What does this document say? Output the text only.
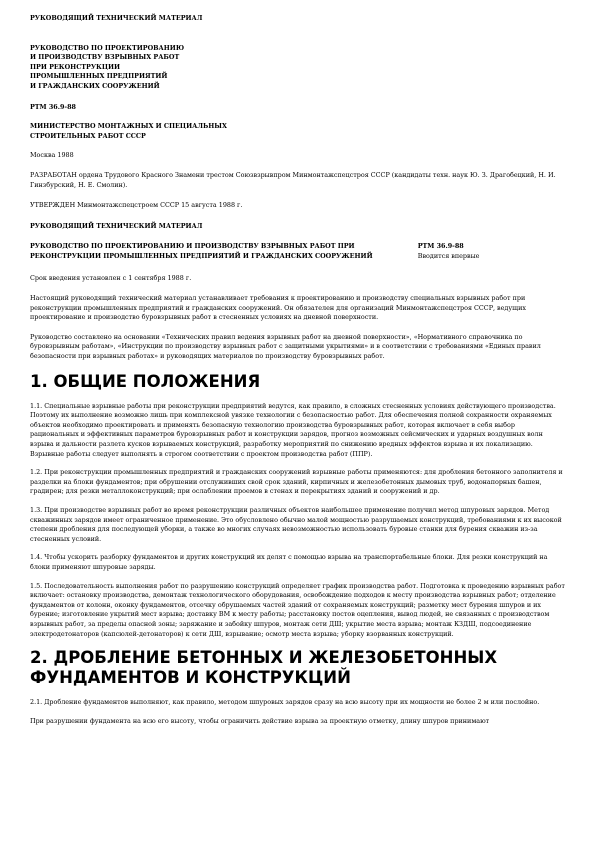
РУКОВОДЯЩИЙ ТЕХНИЧЕСКИЙ МАТЕРИАЛ
РУКОВОДСТВО ПО ПРОЕКТИРОВАНИЮ
И ПРОИЗВОДСТВУ ВЗРЫВНЫХ РАБОТ
ПРИ РЕКОНСТРУКЦИИ
ПРОМЫШЛЕННЫХ ПРЕДПРИЯТИЙ
И ГРАЖДАНСКИХ СООРУЖЕНИЙ
РТМ 36.9-88
МИНИСТЕРСТВО МОНТАЖНЫХ И СПЕЦИАЛЬНЫХ
СТРОИТЕЛЬНЫХ РАБОТ СССР
Москва 1988
РАЗРАБОТАН ордена Трудового Красного Знамени трестом Союзвзрывпром Минмонтажспецстроя СССР (кандидаты техн. наук Ю. З. Драгобецкий, Н. И. Гинзбурский, Н. Е. Смолин).
УТВЕРЖДЕН Минмонтажспецстроем СССР 15 августа 1988 г.
РУКОВОДЯЩИЙ ТЕХНИЧЕСКИЙ МАТЕРИАЛ
РУКОВОДСТВО ПО ПРОЕКТИРОВАНИЮ И ПРОИЗВОДСТВУ ВЗРЫВНЫХ РАБОТ ПРИ РЕКОНСТРУКЦИИ ПРОМЫШЛЕННЫХ ПРЕДПРИЯТИЙ И ГРАЖДАНСКИХ СООРУЖЕНИЙ
РТМ 36.9-88
Вводится впервые
Срок введения установлен с 1 сентября 1988 г.
Настоящий руководящий технический материал устанавливает требования к проектированию и производству специальных взрывных работ при реконструкции промышленных предприятий и гражданских сооружений. Он обязателен для организаций Минмонтажспецстроя СССР, ведущих проектирование и производство буровзрывных работ в стесненных условиях на дневной поверхности.
Руководство составлено на основании «Технических правил ведения взрывных работ на дневной поверхности», «Нормативного справочника по буровзрывным работам», «Инструкции по производству взрывных работ с защитными укрытиями» и в соответствии с требованиями «Единых правил безопасности при взрывных работах» и руководящих материалов по производству буровзрывных работ.
1. ОБЩИЕ ПОЛОЖЕНИЯ
1.1. Специальные взрывные работы при реконструкции предприятий ведутся, как правило, в сложных стесненных условиях действующего производства. Поэтому их выполнение возможно лишь при комплексной увязке технологии с безопасностью работ. Для обеспечения полной сохранности охраняемых объектов необходимо проектировать и применять безопасную технологию производства буровзрывных работ, которая включает в себя выбор рациональных и эффективных параметров буровзрывных работ и конструкции зарядов, прогноз возможных сейсмических и ударных воздушных волн взрыва и дальности разлета кусков взрываемых конструкций, разработку мероприятий по снижению вредных эффектов взрыва и их локализацию. Взрывные работы следует выполнять в строгом соответствии с проектом производства работ (ППР).
1.2. При реконструкции промышленных предприятий и гражданских сооружений взрывные работы применяются: для дробления бетонного заполнителя и разделки на блоки фундаментов; при обрушении отслуживших свой срок зданий, кирпичных и железобетонных дымовых труб, водонапорных башен, градирен; для резки металлоконструкций; при ослаблении проемов в стенах и перекрытиях зданий и сооружений и др.
1.3. При производстве взрывных работ во время реконструкции различных объектов наибольшее применение получил метод шпуровых зарядов. Метод скважинных зарядов имеет ограниченное применение. Это обусловлено обычно малой мощностью разрушаемых конструкций, требованиями к их высокой степени дробления для последующей уборки, а также во многих случаях невозможностью использовать буровые станки для бурения скважин из-за стесненных условий.
1.4. Чтобы ускорить разборку фундаментов и других конструкций их делят с помощью взрыва на транспортабельные блоки. Для резки конструкций на блоки применяют шпуровые заряды.
1.5. Последовательность выполнения работ по разрушению конструкций определяет график производства работ. Подготовка к проведению взрывных работ включает: остановку производства, демонтаж технологического оборудования, освобождение подходов к месту производства взрывных работ; отделение фундаментов от колонн, оконку фундаментов, отсечку обрушаемых частей зданий от сохраняемых конструкций; разметку мест бурения шпуров и их бурение; изготовление укрытий мест взрыва; доставку ВМ к месту работы; расстановку постов оцепления, вывод людей, не связанных с производством взрывных работ, за пределы опасной зоны; заряжание и забойку шпуров, монтаж сети ДШ; укрытие места взрыва; монтаж КЗДШ, подсоединение электродетонаторов (капсюлей-детонаторов) к сети ДШ, взрывание; осмотр места взрыва; уборку взорванных конструкций.
2. ДРОБЛЕНИЕ БЕТОННЫХ И ЖЕЛЕЗОБЕТОННЫХ ФУНДАМЕНТОВ И КОНСТРУКЦИЙ
2.1. Дробление фундаментов выполняют, как правило, методом шпуровых зарядов сразу на всю высоту при их мощности не более 2 м или послойно.
При разрушении фундамента на всю его высоту, чтобы ограничить действие взрыва за проектную отметку, длину шпуров принимают
